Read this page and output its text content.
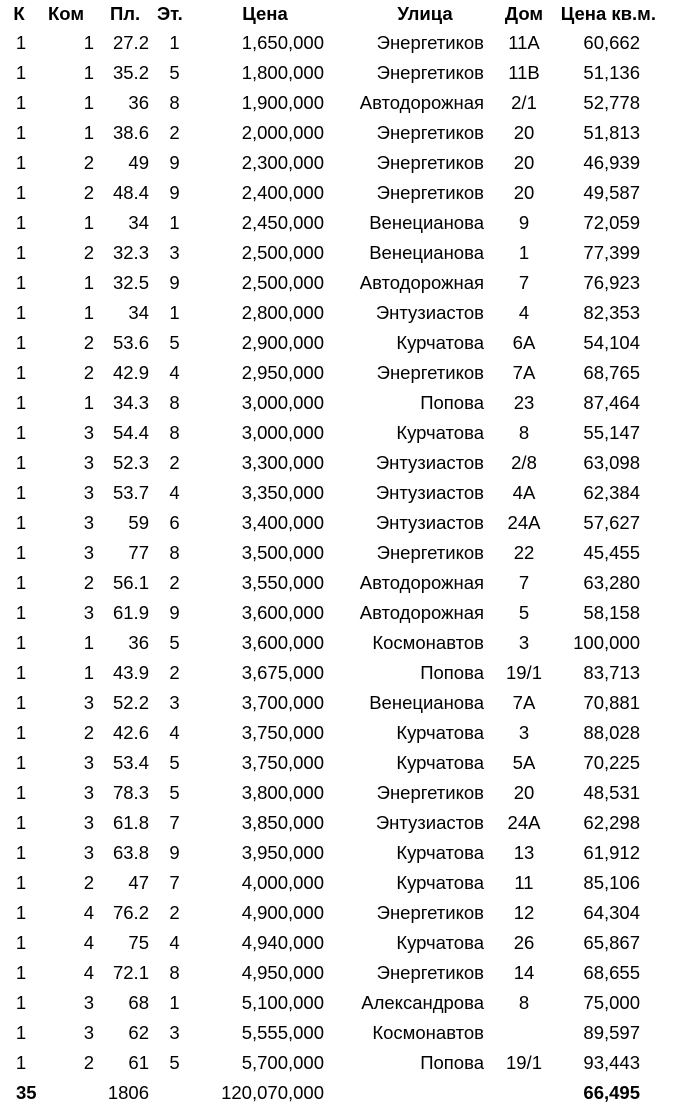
К	Ком	Пл.	Эт.	Цена	Улица	Дом	Цена кв.м.
1	1	27.2	1	1,650,000	Энергетиков	11А	60,662
1	1	35.2	5	1,800,000	Энергетиков	11В	51,136
1	1	36	8	1,900,000	Автодорожная	2/1	52,778
1	1	38.6	2	2,000,000	Энергетиков	20	51,813
1	2	49	9	2,300,000	Энергетиков	20	46,939
1	2	48.4	9	2,400,000	Энергетиков	20	49,587
1	1	34	1	2,450,000	Венецианова	9	72,059
1	2	32.3	3	2,500,000	Венецианова	1	77,399
1	1	32.5	9	2,500,000	Автодорожная	7	76,923
1	1	34	1	2,800,000	Энтузиастов	4	82,353
1	2	53.6	5	2,900,000	Курчатова	6А	54,104
1	2	42.9	4	2,950,000	Энергетиков	7А	68,765
1	1	34.3	8	3,000,000	Попова	23	87,464
1	3	54.4	8	3,000,000	Курчатова	8	55,147
1	3	52.3	2	3,300,000	Энтузиастов	2/8	63,098
1	3	53.7	4	3,350,000	Энтузиастов	4А	62,384
1	3	59	6	3,400,000	Энтузиастов	24А	57,627
1	3	77	8	3,500,000	Энергетиков	22	45,455
1	2	56.1	2	3,550,000	Автодорожная	7	63,280
1	3	61.9	9	3,600,000	Автодорожная	5	58,158
1	1	36	5	3,600,000	Космонавтов	3	100,000
1	1	43.9	2	3,675,000	Попова	19/1	83,713
1	3	52.2	3	3,700,000	Венецианова	7А	70,881
1	2	42.6	4	3,750,000	Курчатова	3	88,028
1	3	53.4	5	3,750,000	Курчатова	5А	70,225
1	3	78.3	5	3,800,000	Энергетиков	20	48,531
1	3	61.8	7	3,850,000	Энтузиастов	24А	62,298
1	3	63.8	9	3,950,000	Курчатова	13	61,912
1	2	47	7	4,000,000	Курчатова	11	85,106
1	4	76.2	2	4,900,000	Энергетиков	12	64,304
1	4	75	4	4,940,000	Курчатова	26	65,867
1	4	72.1	8	4,950,000	Энергетиков	14	68,655
1	3	68	1	5,100,000	Александрова	8	75,000
1	3	62	3	5,555,000	Космонавтов		89,597
1	2	61	5	5,700,000	Попова	19/1	93,443
35		1806		120,070,000			66,495
